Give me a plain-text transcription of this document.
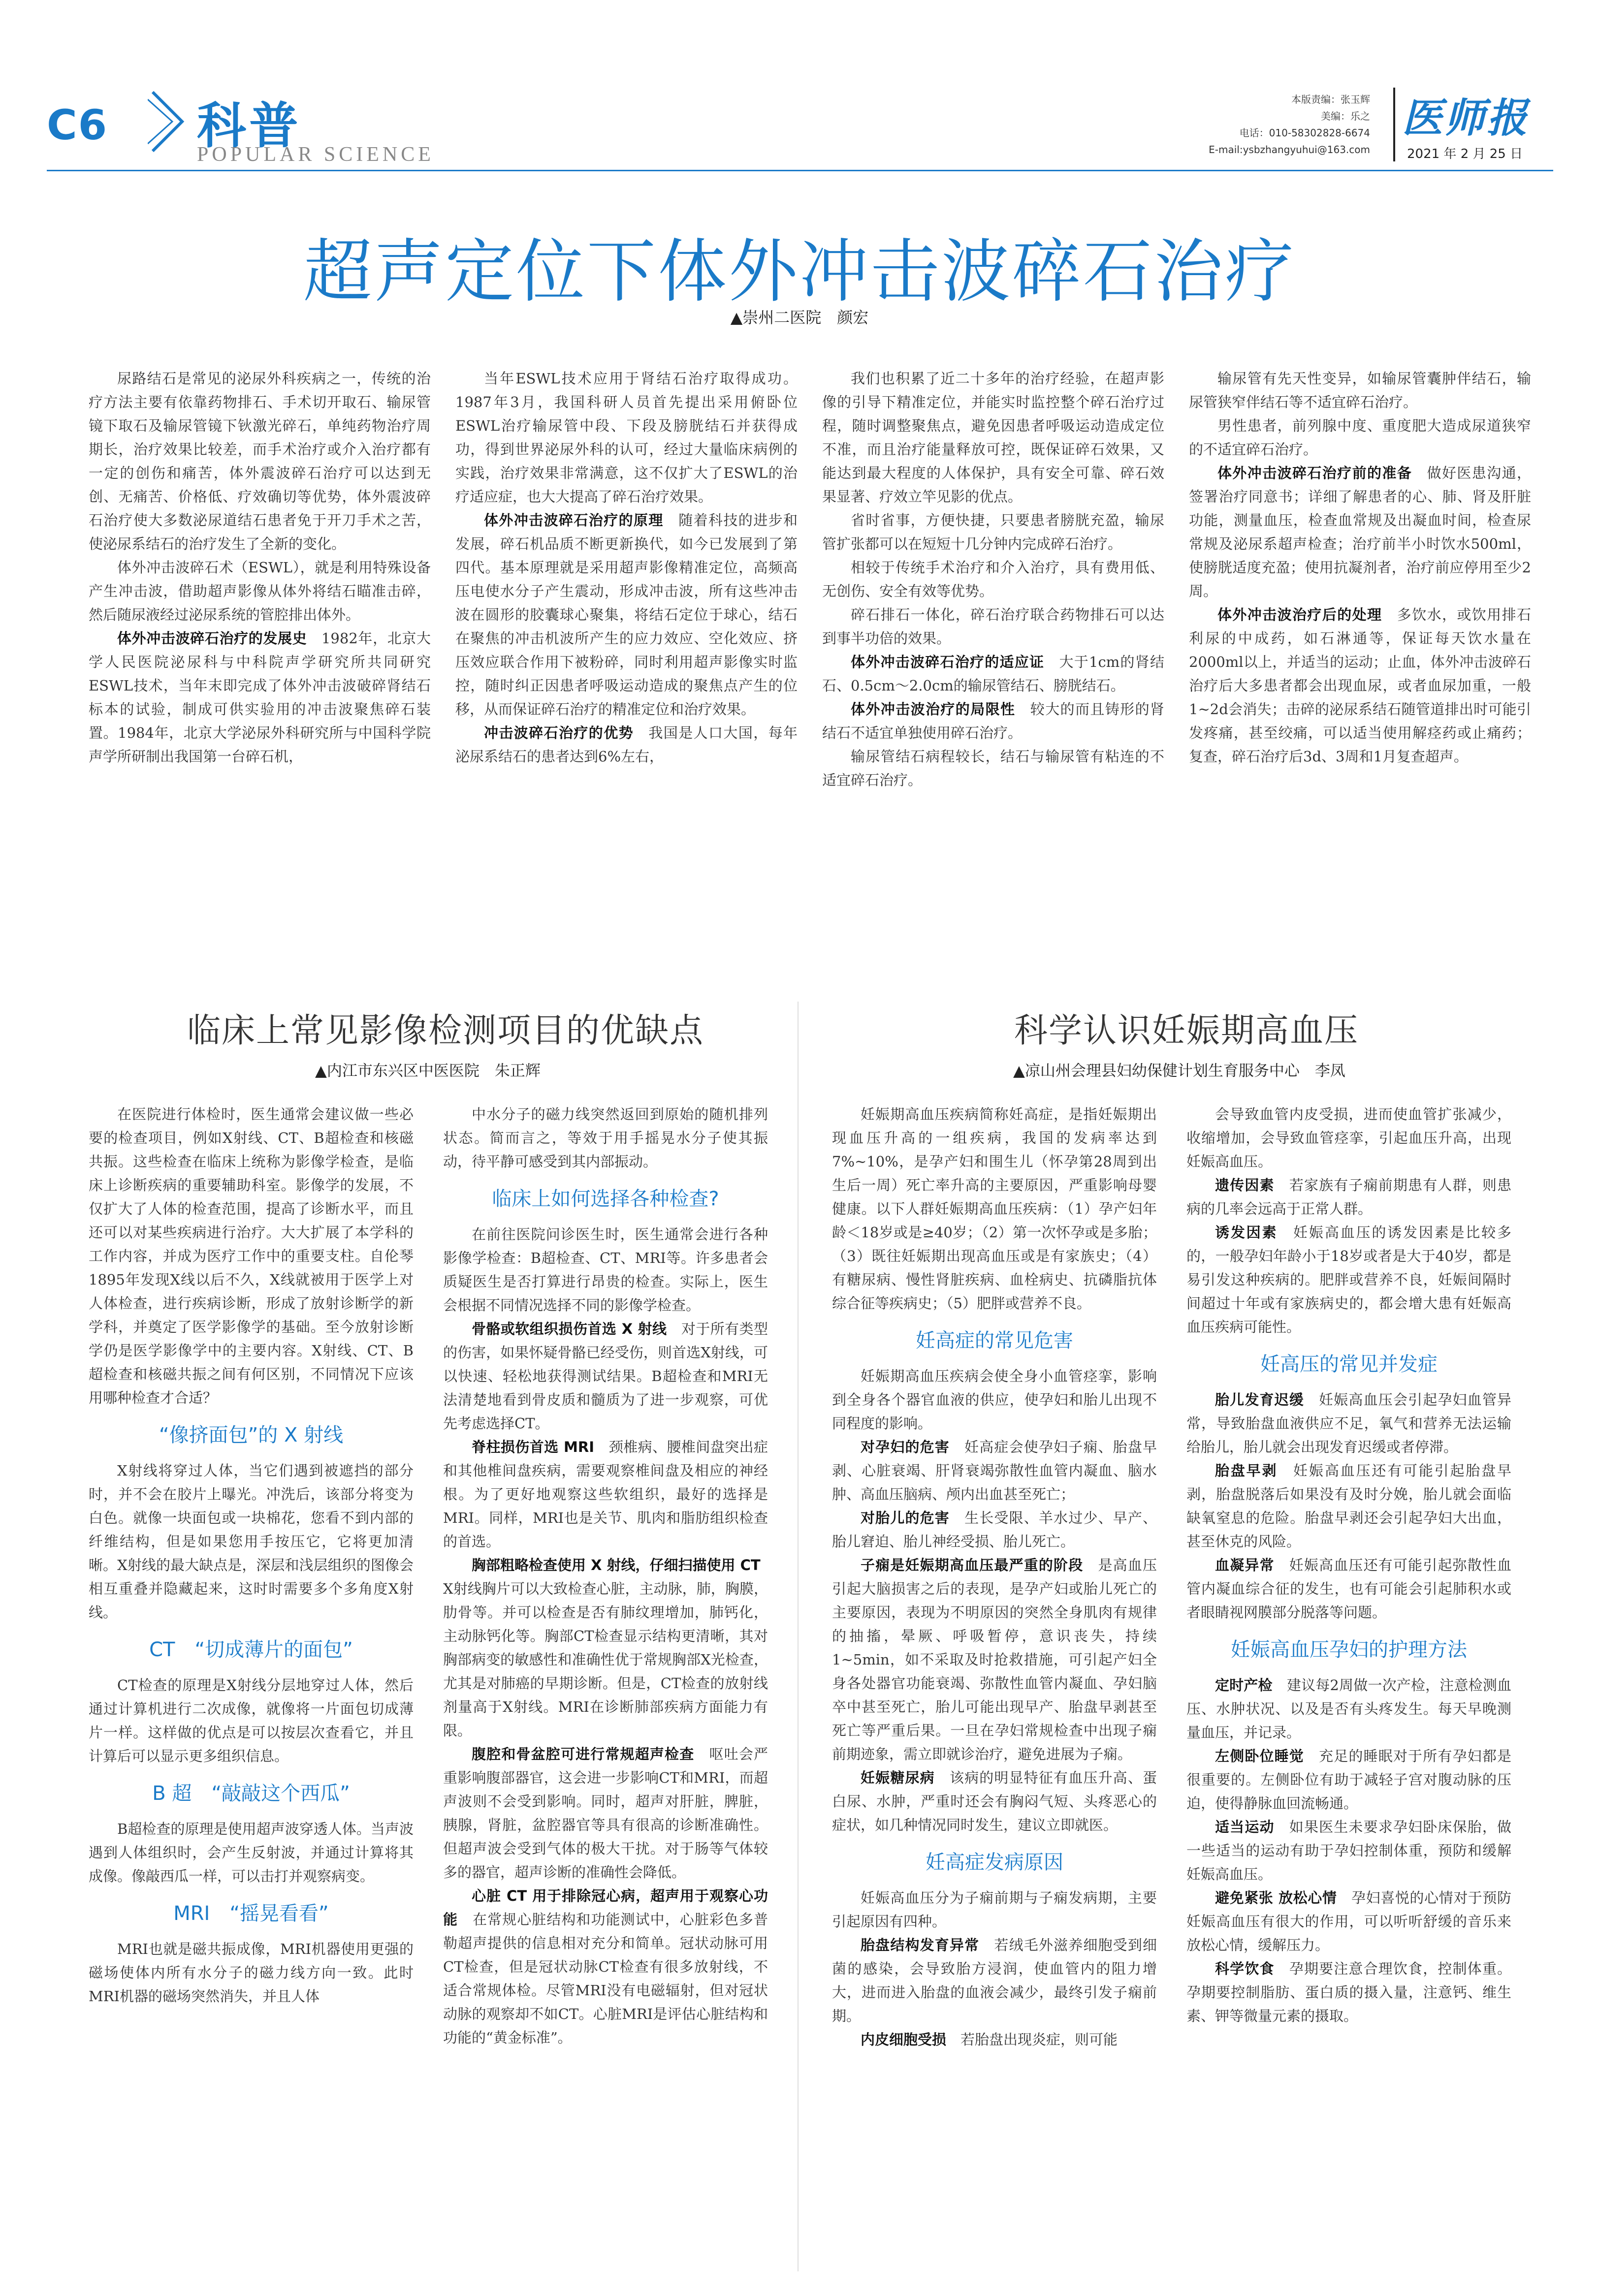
C6 科普
POPULAR SCIENCE
本版责编：张玉辉
美编：乐之
电话：010-58302828-6674
E-mail:ysbzhangyuhui@163.com
医师报
2021 年 2 月 25 日
超声定位下体外冲击波碎石治疗
▲崇州二医院　颜宏

尿路结石是常见的泌尿外科疾病之一，传统的治疗方法主要有依靠药物排石、手术切开取石、输尿管镜下取石及输尿管镜下钬激光碎石，单纯药物治疗周期长，治疗效果比较差，而手术治疗或介入治疗都有一定的创伤和痛苦，体外震波碎石治疗可以达到无创、无痛苦、价格低、疗效确切等优势，体外震波碎石治疗使大多数泌尿道结石患者免于开刀手术之苦，使泌尿系结石的治疗发生了全新的变化。

体外冲击波碎石术（ESWL），就是利用特殊设备产生冲击波，借助超声影像从体外将结石瞄准击碎，然后随尿液经过泌尿系统的管腔排出体外。

体外冲击波碎石治疗的发展史　1982年，北京大学人民医院泌尿科与中科院声学研究所共同研究ESWL技术，当年末即完成了体外冲击波破碎肾结石标本的试验，制成可供实验用的冲击波聚焦碎石装置。1984年，北京大学泌尿外科研究所与中国科学院声学所研制出我国第一台碎石机，

当年ESWL技术应用于肾结石治疗取得成功。1987年3月，我国科研人员首先提出采用俯卧位ESWL治疗输尿管中段、下段及膀胱结石并获得成功，得到世界泌尿外科的认可，经过大量临床病例的实践，治疗效果非常满意，这不仅扩大了ESWL的治疗适应症，也大大提高了碎石治疗效果。

体外冲击波碎石治疗的原理　随着科技的进步和发展，碎石机品质不断更新换代，如今已发展到了第四代。基本原理就是采用超声影像精准定位，高频高压电使水分子产生震动，形成冲击波，所有这些冲击波在圆形的胶囊球心聚集，将结石定位于球心，结石在聚焦的冲击机波所产生的应力效应、空化效应、挤压效应联合作用下被粉碎，同时利用超声影像实时监控，随时纠正因患者呼吸运动造成的聚焦点产生的位移，从而保证碎石治疗的精准定位和治疗效果。

冲击波碎石治疗的优势　我国是人口大国，每年泌尿系结石的患者达到6%左右，

我们也积累了近二十多年的治疗经验，在超声影像的引导下精准定位，并能实时监控整个碎石治疗过程，随时调整聚焦点，避免因患者呼吸运动造成定位不准，而且治疗能量释放可控，既保证碎石效果，又能达到最大程度的人体保护，具有安全可靠、碎石效果显著、疗效立竿见影的优点。

省时省事，方便快捷，只要患者膀胱充盈，输尿管扩张都可以在短短十几分钟内完成碎石治疗。

相较于传统手术治疗和介入治疗，具有费用低、无创伤、安全有效等优势。

碎石排石一体化，碎石治疗联合药物排石可以达到事半功倍的效果。

体外冲击波碎石治疗的适应证　大于1cm的肾结石、0.5cm～2.0cm的输尿管结石、膀胱结石。

体外冲击波治疗的局限性　较大的而且铸形的肾结石不适宜单独使用碎石治疗。

输尿管结石病程较长，结石与输尿管有粘连的不适宜碎石治疗。

输尿管有先天性变异，如输尿管囊肿伴结石，输尿管狭窄伴结石等不适宜碎石治疗。

男性患者，前列腺中度、重度肥大造成尿道狭窄的不适宜碎石治疗。

体外冲击波碎石治疗前的准备　做好医患沟通，签署治疗同意书；详细了解患者的心、肺、肾及肝脏功能，测量血压，检查血常规及出凝血时间，检查尿常规及泌尿系超声检查；治疗前半小时饮水500ml，使膀胱适度充盈；使用抗凝剂者，治疗前应停用至少2周。

体外冲击波治疗后的处理　多饮水，或饮用排石利尿的中成药，如石淋通等，保证每天饮水量在2000ml以上，并适当的运动；止血，体外冲击波碎石治疗后大多患者都会出现血尿，或者血尿加重，一般1~2d会消失；击碎的泌尿系结石随管道排出时可能引发疼痛，甚至绞痛，可以适当使用解痉药或止痛药；复查，碎石治疗后3d、3周和1月复查超声。

临床上常见影像检测项目的优缺点
▲内江市东兴区中医医院　朱正辉

在医院进行体检时，医生通常会建议做一些必要的检查项目，例如X射线、CT、B超检查和核磁共振。这些检查在临床上统称为影像学检查，是临床上诊断疾病的重要辅助科室。影像学的发展，不仅扩大了人体的检查范围，提高了诊断水平，而且还可以对某些疾病进行治疗。大大扩展了本学科的工作内容，并成为医疗工作中的重要支柱。自伦琴1895年发现X线以后不久，X线就被用于医学上对人体检查，进行疾病诊断，形成了放射诊断学的新学科，并奠定了医学影像学的基础。至今放射诊断学仍是医学影像学中的主要内容。X射线、CT、B超检查和核磁共振之间有何区别，不同情况下应该用哪种检查才合适？

“像挤面包”的 X 射线

X射线将穿过人体，当它们遇到被遮挡的部分时，并不会在胶片上曝光。冲洗后，该部分将变为白色。就像一块面包或一块棉花，您看不到内部的纤维结构，但是如果您用手按压它，它将更加清晰。X射线的最大缺点是，深层和浅层组织的图像会相互重叠并隐藏起来，这时时需要多个多角度X射线。

CT　“切成薄片的面包”

CT检查的原理是X射线分层地穿过人体，然后通过计算机进行二次成像，就像将一片面包切成薄片一样。这样做的优点是可以按层次查看它，并且计算后可以显示更多组织信息。

B 超　“敲敲这个西瓜”

B超检查的原理是使用超声波穿透人体。当声波遇到人体组织时，会产生反射波，并通过计算将其成像。像敲西瓜一样，可以击打并观察病变。

MRI　“摇晃看看”

MRI也就是磁共振成像，MRI机器使用更强的磁场使体内所有水分子的磁力线方向一致。此时MRI机器的磁场突然消失，并且人体

中水分子的磁力线突然返回到原始的随机排列状态。简而言之，等效于用手摇晃水分子使其振动，待平静可感受到其内部振动。

临床上如何选择各种检查?

在前往医院问诊医生时，医生通常会进行各种影像学检查：B超检查、CT、MRI等。许多患者会质疑医生是否打算进行昂贵的检查。实际上，医生会根据不同情况选择不同的影像学检查。

骨骼或软组织损伤首选 X 射线　对于所有类型的伤害，如果怀疑骨骼已经受伤，则首选X射线，可以快速、轻松地获得测试结果。B超检查和MRI无法清楚地看到骨皮质和髓质为了进一步观察，可优先考虑选择CT。

脊柱损伤首选 MRI　颈椎病、腰椎间盘突出症和其他椎间盘疾病，需要观察椎间盘及相应的神经根。为了更好地观察这些软组织，最好的选择是MRI。同样，MRI也是关节、肌肉和脂肪组织检查的首选。

胸部粗略检查使用 X 射线，仔细扫描使用 CT　X射线胸片可以大致检查心脏，主动脉，肺，胸膜，肋骨等。并可以检查是否有肺纹理增加，肺钙化，主动脉钙化等。胸部CT检查显示结构更清晰，其对胸部病变的敏感性和准确性优于常规胸部X光检查，尤其是对肺癌的早期诊断。但是，CT检查的放射线剂量高于X射线。MRI在诊断肺部疾病方面能力有限。

腹腔和骨盆腔可进行常规超声检查　呕吐会严重影响腹部器官，这会进一步影响CT和MRI，而超声波则不会受到影响。同时，超声对肝脏，脾脏，胰腺，肾脏，盆腔器官等具有很高的诊断准确性。但超声波会受到气体的极大干扰。对于肠等气体较多的器官，超声诊断的准确性会降低。

心脏 CT 用于排除冠心病，超声用于观察心功能　在常规心脏结构和功能测试中，心脏彩色多普勒超声提供的信息相对充分和简单。冠状动脉可用CT检查，但是冠状动脉CT检查有很多放射线，不适合常规体检。尽管MRI没有电磁辐射，但对冠状动脉的观察却不如CT。心脏MRI是评估心脏结构和功能的“黄金标准”。

科学认识妊娠期高血压
▲凉山州会理县妇幼保健计划生育服务中心　李凤

妊娠期高血压疾病简称妊高症，是指妊娠期出现血压升高的一组疾病，我国的发病率达到7%~10%，是孕产妇和围生儿（怀孕第28周到出生后一周）死亡率升高的主要原因，严重影响母婴健康。以下人群妊娠期高血压疾病：（1）孕产妇年龄＜18岁或是≥40岁；（2）第一次怀孕或是多胎；（3）既往妊娠期出现高血压或是有家族史；（4）有糖尿病、慢性肾脏疾病、血栓病史、抗磷脂抗体综合征等疾病史；（5）肥胖或营养不良。

妊高症的常见危害

妊娠期高血压疾病会使全身小血管痉挛，影响到全身各个器官血液的供应，使孕妇和胎儿出现不同程度的影响。

对孕妇的危害　妊高症会使孕妇子痫、胎盘早剥、心脏衰竭、肝肾衰竭弥散性血管内凝血、脑水肿、高血压脑病、颅内出血甚至死亡；

对胎儿的危害　生长受限、羊水过少、早产、胎儿窘迫、胎儿神经受损、胎儿死亡。

子痫是妊娠期高血压最严重的阶段　是高血压引起大脑损害之后的表现，是孕产妇或胎儿死亡的主要原因，表现为不明原因的突然全身肌肉有规律的抽搐，晕厥、呼吸暂停，意识丧失，持续1~5min，如不采取及时抢救措施，可引起产妇全身各处器官功能衰竭、弥散性血管内凝血、孕妇脑卒中甚至死亡，胎儿可能出现早产、胎盘早剥甚至死亡等严重后果。一旦在孕妇常规检查中出现子痫前期迹象，需立即就诊治疗，避免进展为子痫。

妊娠糖尿病　该病的明显特征有血压升高、蛋白尿、水肿，严重时还会有胸闷气短、头疼恶心的症状，如几种情况同时发生，建议立即就医。

妊高症发病原因

妊娠高血压分为子痫前期与子痫发病期，主要引起原因有四种。

胎盘结构发育异常　若绒毛外滋养细胞受到细菌的感染，会导致胎方浸润，使血管内的阻力增大，进而进入胎盘的血液会减少，最终引发子痫前期。

内皮细胞受损　若胎盘出现炎症，则可能

会导致血管内皮受损，进而使血管扩张减少，收缩增加，会导致血管痉挛，引起血压升高，出现妊娠高血压。

遗传因素　若家族有子痫前期患有人群，则患病的几率会远高于正常人群。

诱发因素　妊娠高血压的诱发因素是比较多的，一般孕妇年龄小于18岁或者是大于40岁，都是易引发这种疾病的。肥胖或营养不良，妊娠间隔时间超过十年或有家族病史的，都会增大患有妊娠高血压疾病可能性。

妊高压的常见并发症

胎儿发育迟缓　妊娠高血压会引起孕妇血管异常，导致胎盘血液供应不足，氧气和营养无法运输给胎儿，胎儿就会出现发育迟缓或者停滞。

胎盘早剥　妊娠高血压还有可能引起胎盘早剥，胎盘脱落后如果没有及时分娩，胎儿就会面临缺氧窒息的危险。胎盘早剥还会引起孕妇大出血，甚至休克的风险。

血凝异常　妊娠高血压还有可能引起弥散性血管内凝血综合征的发生，也有可能会引起肺积水或者眼睛视网膜部分脱落等问题。

妊娠高血压孕妇的护理方法

定时产检　建议每2周做一次产检，注意检测血压、水肿状况、以及是否有头疼发生。每天早晚测量血压，并记录。

左侧卧位睡觉　充足的睡眠对于所有孕妇都是很重要的。左侧卧位有助于减轻子宫对腹动脉的压迫，使得静脉血回流畅通。

适当运动　如果医生未要求孕妇卧床保胎，做一些适当的运动有助于孕妇控制体重，预防和缓解妊娠高血压。

避免紧张 放松心情　孕妇喜悦的心情对于预防妊娠高血压有很大的作用，可以听听舒缓的音乐来放松心情，缓解压力。

科学饮食　孕期要注意合理饮食，控制体重。孕期要控制脂肪、蛋白质的摄入量，注意钙、维生素、钾等微量元素的摄取。
